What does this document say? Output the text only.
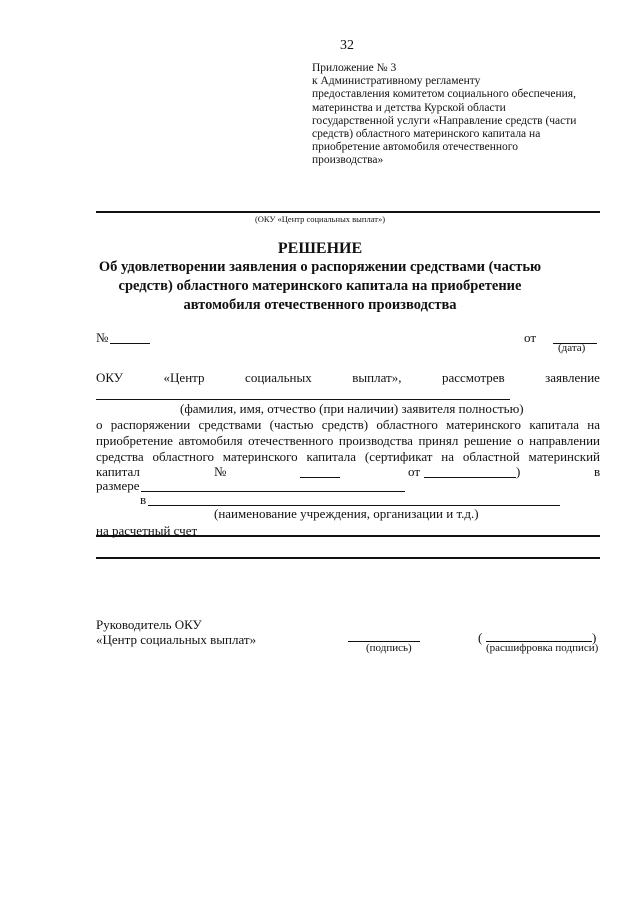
32
Приложение № 3
к Административному регламенту
предоставления комитетом социального обеспечения,
материнства и детства Курской области
государственной услуги «Направление средств (части
средств) областного материнского капитала на
приобретение автомобиля отечественного
производства»
(ОКУ «Центр социальных выплат»)
РЕШЕНИЕ
Об удовлетворении заявления о распоряжении средствами (частью средств) областного материнского капитала на приобретение автомобиля отечественного производства
№	от
(дата)
ОКУ	«Центр	социальных	выплат»,	рассмотрев	заявление
(фамилия, имя, отчество (при наличии) заявителя полностью)
о распоряжении средствами (частью средств) областного материнского капитала на
приобретение автомобиля отечественного производства принял решение о направлении
средства областного материнского капитала (сертификат на областной материнский
капитал	№	от	)	в
размере
в
(наименование учреждения, организации и т.д.)
на расчетный счет
Руководитель ОКУ
«Центр социальных выплат»
(подпись)
(	)
(расшифровка подписи)
